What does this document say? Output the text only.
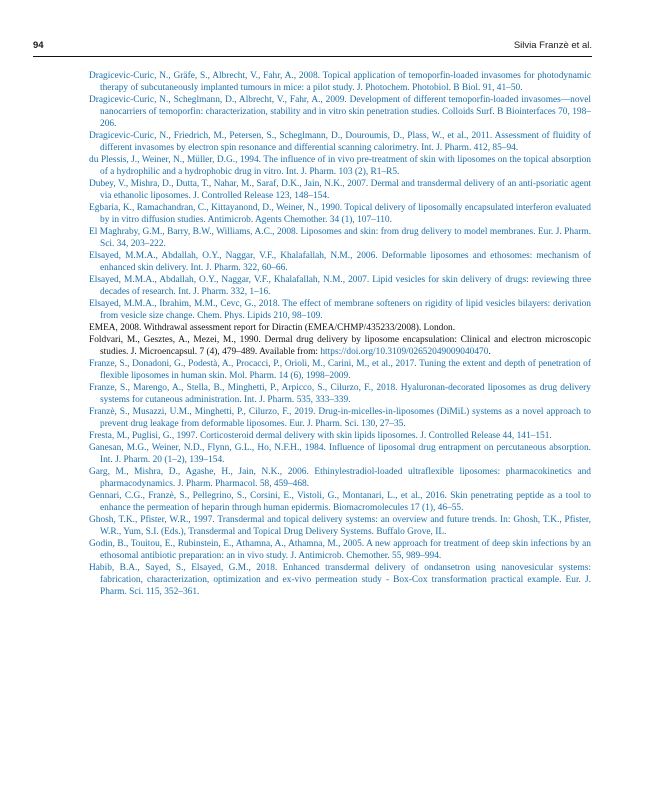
94	Silvia Franzè et al.

Dragicevic-Curic, N., Gräfe, S., Albrecht, V., Fahr, A., 2008. Topical application of temoporfin-loaded invasomes for photodynamic therapy of subcutaneously implanted tumours in mice: a pilot study. J. Photochem. Photobiol. B Biol. 91, 41–50.

Dragicevic-Curic, N., Scheglmann, D., Albrecht, V., Fahr, A., 2009. Development of different temoporfin-loaded invasomes—novel nanocarriers of temoporfin: characterization, stability and in vitro skin penetration studies. Colloids Surf. B Biointerfaces 70, 198–206.

Dragicevic-Curic, N., Friedrich, M., Petersen, S., Scheglmann, D., Douroumis, D., Plass, W., et al., 2011. Assessment of fluidity of different invasomes by electron spin resonance and differential scanning calorimetry. Int. J. Pharm. 412, 85–94.

du Plessis, J., Weiner, N., Müller, D.G., 1994. The influence of in vivo pre-treatment of skin with liposomes on the topical absorption of a hydrophilic and a hydrophobic drug in vitro. Int. J. Pharm. 103 (2), R1–R5.

Dubey, V., Mishra, D., Dutta, T., Nahar, M., Saraf, D.K., Jain, N.K., 2007. Dermal and transdermal delivery of an anti-psoriatic agent via ethanolic liposomes. J. Controlled Release 123, 148–154.

Egbaria, K., Ramachandran, C., Kittayanond, D., Weiner, N., 1990. Topical delivery of liposomally encapsulated interferon evaluated by in vitro diffusion studies. Antimicrob. Agents Chemother. 34 (1), 107–110.

El Maghraby, G.M., Barry, B.W., Williams, A.C., 2008. Liposomes and skin: from drug delivery to model membranes. Eur. J. Pharm. Sci. 34, 203–222.

Elsayed, M.M.A., Abdallah, O.Y., Naggar, V.F., Khalafallah, N.M., 2006. Deformable liposomes and ethosomes: mechanism of enhanced skin delivery. Int. J. Pharm. 322, 60–66.

Elsayed, M.M.A., Abdallah, O.Y., Naggar, V.F., Khalafallah, N.M., 2007. Lipid vesicles for skin delivery of drugs: reviewing three decades of research. Int. J. Pharm. 332, 1–16.

Elsayed, M.M.A., Ibrahim, M.M., Cevc, G., 2018. The effect of membrane softeners on rigidity of lipid vesicles bilayers: derivation from vesicle size change. Chem. Phys. Lipids 210, 98–109.

EMEA, 2008. Withdrawal assessment report for Diractin (EMEA/CHMP/435233/2008). London.

Foldvari, M., Gesztes, A., Mezei, M., 1990. Dermal drug delivery by liposome encapsulation: Clinical and electron microscopic studies. J. Microencapsul. 7 (4), 479–489. Available from: https://doi.org/10.3109/02652049009040470.

Franze, S., Donadoni, G., Podestà, A., Procacci, P., Orioli, M., Carini, M., et al., 2017. Tuning the extent and depth of penetration of flexible liposomes in human skin. Mol. Pharm. 14 (6), 1998–2009.

Franze, S., Marengo, A., Stella, B., Minghetti, P., Arpicco, S., Cilurzo, F., 2018. Hyaluronan-decorated liposomes as drug delivery systems for cutaneous administration. Int. J. Pharm. 535, 333–339.

Franzè, S., Musazzi, U.M., Minghetti, P., Cilurzo, F., 2019. Drug-in-micelles-in-liposomes (DiMiL) systems as a novel approach to prevent drug leakage from deformable liposomes. Eur. J. Pharm. Sci. 130, 27–35.

Fresta, M., Puglisi, G., 1997. Corticosteroid dermal delivery with skin lipids liposomes. J. Controlled Release 44, 141–151.

Ganesan, M.G., Weiner, N.D., Flynn, G.L., Ho, N.F.H., 1984. Influence of liposomal drug entrapment on percutaneous absorption. Int. J. Pharm. 20 (1–2), 139–154.

Garg, M., Mishra, D., Agashe, H., Jain, N.K., 2006. Ethinylestradiol-loaded ultraflexible liposomes: pharmacokinetics and pharmacodynamics. J. Pharm. Pharmacol. 58, 459–468.

Gennari, C.G., Franzè, S., Pellegrino, S., Corsini, E., Vistoli, G., Montanari, L., et al., 2016. Skin penetrating peptide as a tool to enhance the permeation of heparin through human epidermis. Biomacromolecules 17 (1), 46–55.

Ghosh, T.K., Pfister, W.R., 1997. Transdermal and topical delivery systems: an overview and future trends. In: Ghosh, T.K., Pfister, W.R., Yum, S.I. (Eds.), Transdermal and Topical Drug Delivery Systems. Buffalo Grove, IL.

Godin, B., Touitou, E., Rubinstein, E., Athamna, A., Athamna, M., 2005. A new approach for treatment of deep skin infections by an ethosomal antibiotic preparation: an in vivo study. J. Antimicrob. Chemother. 55, 989–994.

Habib, B.A., Sayed, S., Elsayed, G.M., 2018. Enhanced transdermal delivery of ondansetron using nanovesicular systems: fabrication, characterization, optimization and ex-vivo permeation study - Box-Cox transformation practical example. Eur. J. Pharm. Sci. 115, 352–361.
